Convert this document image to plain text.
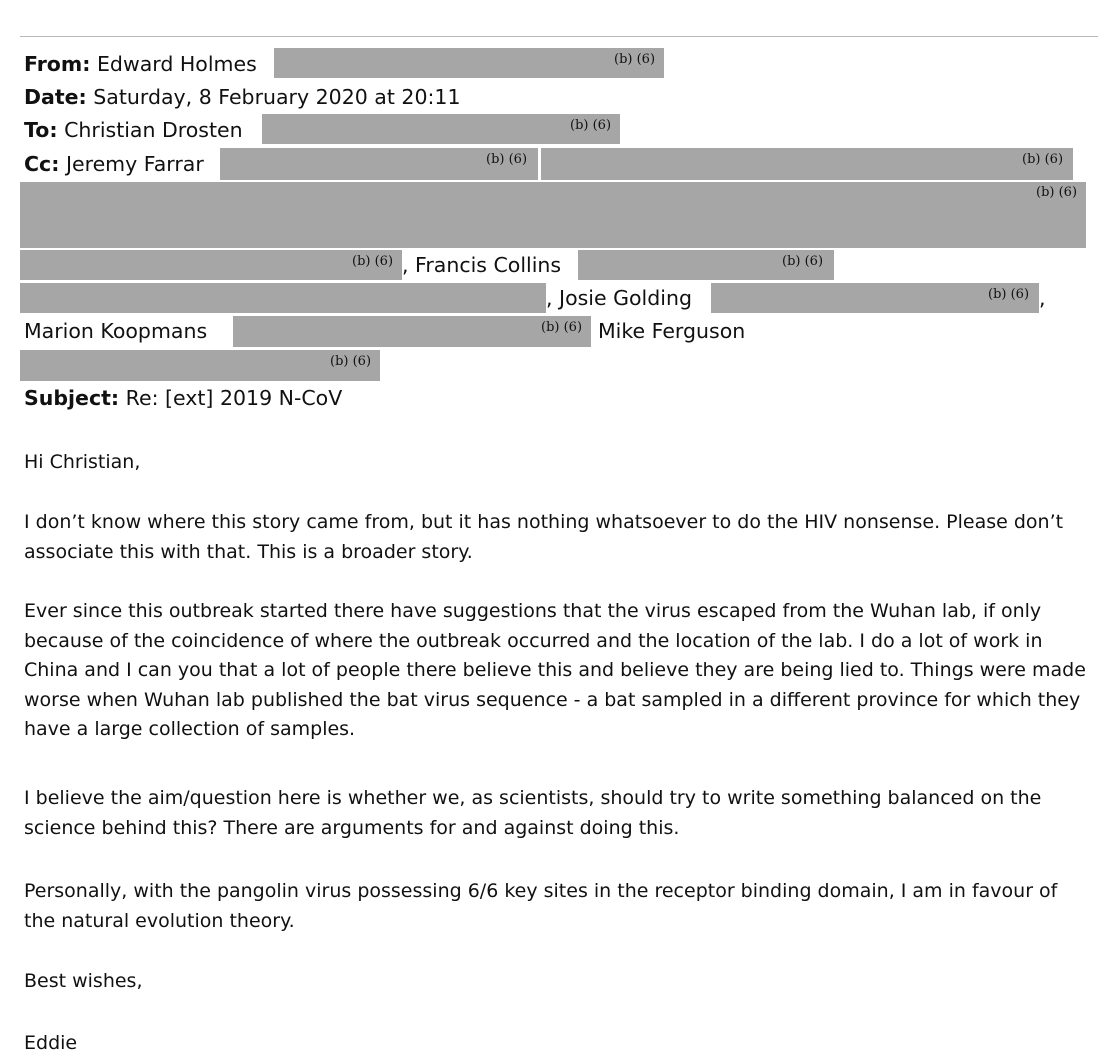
From: Edward Holmes	(b) (6)
Date: Saturday, 8 February 2020 at 20:11
To: Christian Drosten	(b) (6)
Cc: Jeremy Farrar	(b) (6)	(b) (6)
(b) (6)
(b) (6) , Francis Collins	(b) (6)
, Josie Golding	(b) (6) ,
Marion Koopmans	(b) (6) Mike Ferguson
(b) (6)
Subject: Re: [ext] 2019 N-CoV

Hi Christian,

I don’t know where this story came from, but it has nothing whatsoever to do the HIV nonsense. Please don’t associate this with that. This is a broader story.

Ever since this outbreak started there have suggestions that the virus escaped from the Wuhan lab, if only because of the coincidence of where the outbreak occurred and the location of the lab. I do a lot of work in China and I can you that a lot of people there believe this and believe they are being lied to. Things were made worse when Wuhan lab published the bat virus sequence - a bat sampled in a different province for which they have a large collection of samples.

I believe the aim/question here is whether we, as scientists, should try to write something balanced on the science behind this? There are arguments for and against doing this.

Personally, with the pangolin virus possessing 6/6 key sites in the receptor binding domain, I am in favour of the natural evolution theory.

Best wishes,

Eddie
